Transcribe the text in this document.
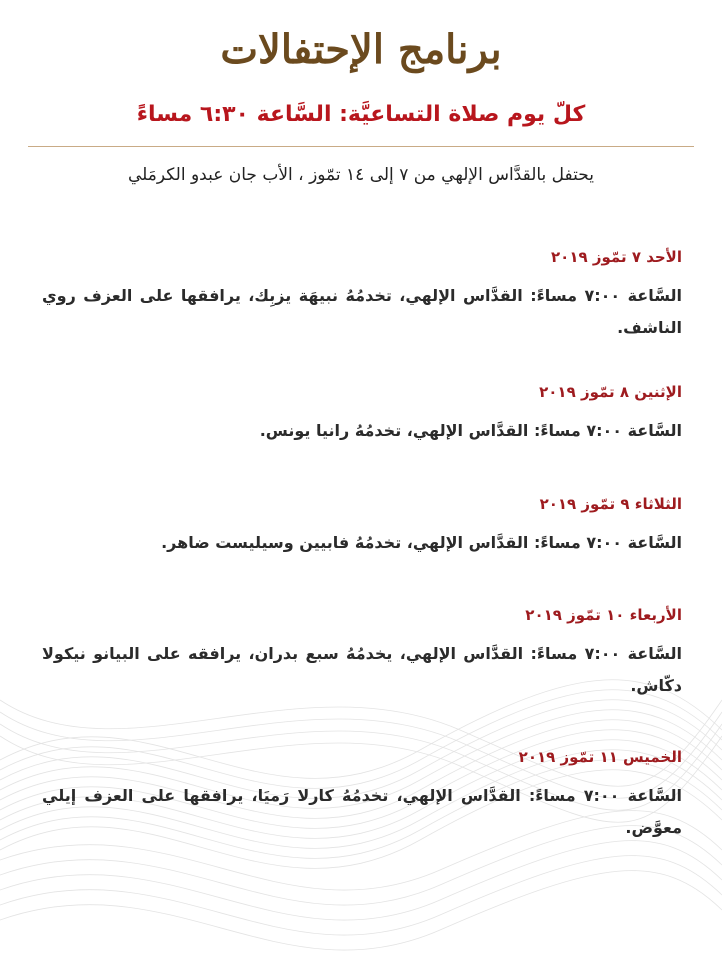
برنامج الإحتفالات
كلّ يوم صلاة التساعيَّة: السَّاعة ٦:٣٠ مساءً

يحتفل بالقدَّاس الإلهي من ٧ إلى ١٤ تمّوز ، الأب جان عبدو الكرمَلي

الأحد ٧ تمّوز ٢٠١٩

السَّاعة ٧:٠٠ مساءً: القدَّاس الإلهي، تخدمُهُ نبيهَة يزبِك، يرافقها على العزف روي الناشف.

الإثنين ٨ تمّوز ٢٠١٩

السَّاعة ٧:٠٠ مساءً: القدَّاس الإلهي، تخدمُهُ رانيا يونس.

الثلاثاء ٩ تمّوز ٢٠١٩

السَّاعة ٧:٠٠ مساءً: القدَّاس الإلهي، تخدمُهُ فابيين وسيليست ضاهر.

الأربعاء ١٠ تمّوز ٢٠١٩

السَّاعة ٧:٠٠ مساءً: القدَّاس الإلهي، يخدمُهُ سبع بدران، يرافقه على البيانو نيكولا دكّاش.

الخميس ١١ تمّوز ٢٠١٩

السَّاعة ٧:٠٠ مساءً: القدَّاس الإلهي، تخدمُهُ كارلا رَميَا، يرافقها على العزف إيلي معوَّض.
